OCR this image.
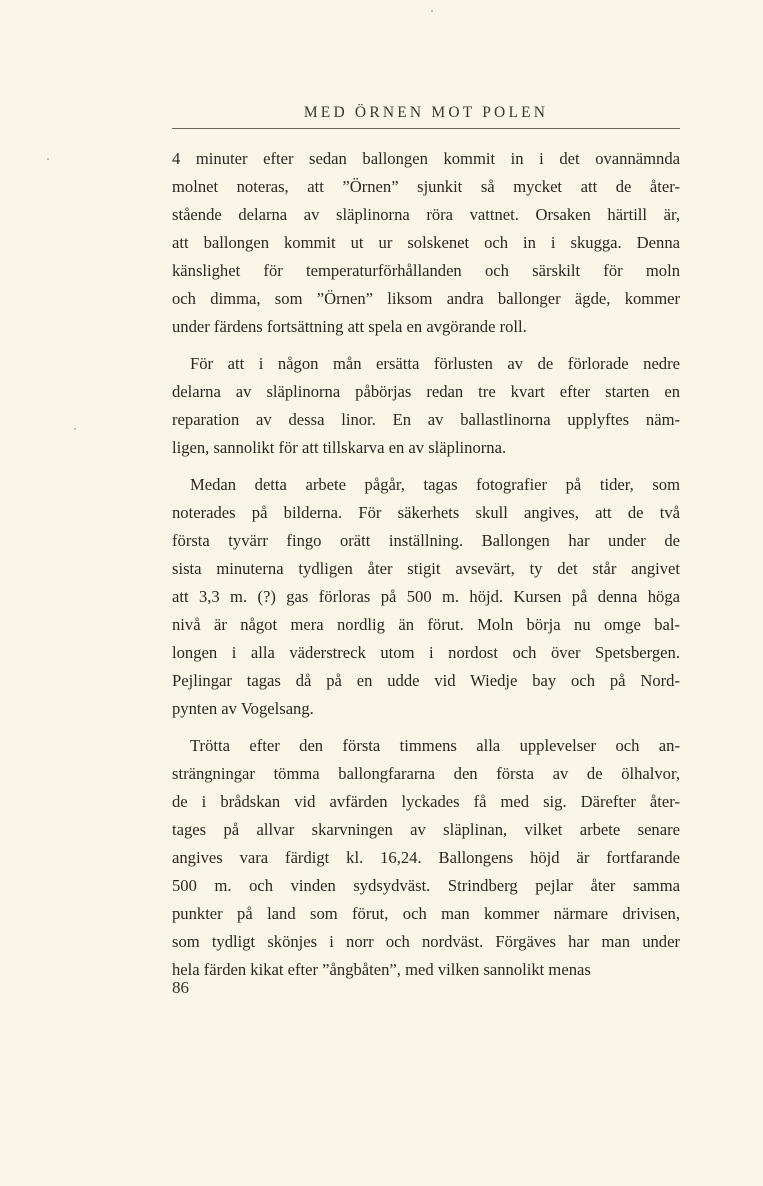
MED ÖRNEN MOT POLEN
4 minuter efter sedan ballongen kommit in i det ovannämnda
molnet noteras, att ”Örnen” sjunkit så mycket att de åter-
stående delarna av släplinorna röra vattnet. Orsaken härtill är,
att ballongen kommit ut ur solskenet och in i skugga. Denna
känslighet för temperaturförhållanden och särskilt för moln
och dimma, som ”Örnen” liksom andra ballonger ägde, kommer
under färdens fortsättning att spela en avgörande roll.
För att i någon mån ersätta förlusten av de förlorade nedre
delarna av släplinorna påbörjas redan tre kvart efter starten en
reparation av dessa linor. En av ballastlinorna upplyftes näm-
ligen, sannolikt för att tillskarva en av släplinorna.
Medan detta arbete pågår, tagas fotografier på tider, som
noterades på bilderna. För säkerhets skull angives, att de två
första tyvärr fingo orätt inställning. Ballongen har under de
sista minuterna tydligen åter stigit avsevärt, ty det står angivet
att 3,3 m. (?) gas förloras på 500 m. höjd. Kursen på denna höga
nivå är något mera nordlig än förut. Moln börja nu omge bal-
longen i alla väderstreck utom i nordost och över Spetsbergen.
Pejlingar tagas då på en udde vid Wiedje bay och på Nord-
pynten av Vogelsang.
Trötta efter den första timmens alla upplevelser och an-
strängningar tömma ballongfararna den första av de ölhalvor,
de i brådskan vid avfärden lyckades få med sig. Därefter åter-
tages på allvar skarvningen av släplinan, vilket arbete senare
angives vara färdigt kl. 16,24. Ballongens höjd är fortfarande
500 m. och vinden sydsydväst. Strindberg pejlar åter samma
punkter på land som förut, och man kommer närmare drivisen,
som tydligt skönjes i norr och nordväst. Förgäves har man under
hela färden kikat efter ”ångbåten”, med vilken sannolikt menas
86
